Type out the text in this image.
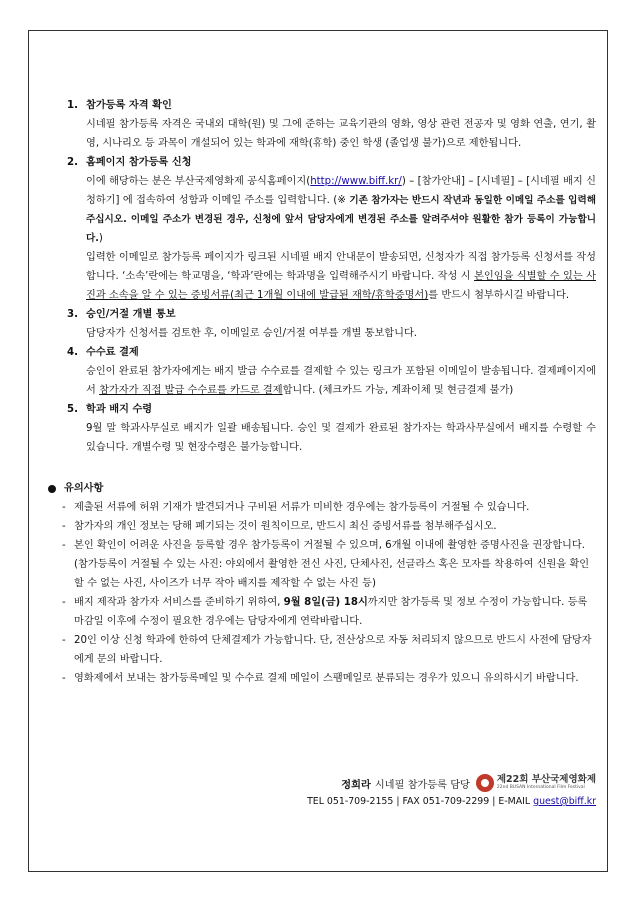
1. 참가등록 자격 확인
시네필 참가등록 자격은 국내외 대학(원) 및 그에 준하는 교육기관의 영화, 영상 관련 전공자 및 영화 연출, 연기, 촬영, 시나리오 등 과목이 개설되어 있는 학과에 재학(휴학) 중인 학생 (졸업생 불가)으로 제한됩니다.
2. 홈페이지 참가등록 신청
이에 해당하는 분은 부산국제영화제 공식홈페이지(http://www.biff.kr/) – [참가안내] – [시네필] – [시네필 배지 신청하기] 에 접속하여 성함과 이메일 주소를 입력합니다. (※ 기존 참가자는 반드시 작년과 동일한 이메일 주소를 입력해주십시오. 이메일 주소가 변경된 경우, 신청에 앞서 담당자에게 변경된 주소를 알려주셔야 원활한 참가 등록이 가능합니다.)
입력한 이메일로 참가등록 페이지가 링크된 시네필 배지 안내문이 발송되면, 신청자가 직접 참가등록 신청서를 작성합니다. ‘소속’란에는 학교명을, ‘학과’란에는 학과명을 입력해주시기 바랍니다. 작성 시 본인임을 식별할 수 있는 사진과 소속을 알 수 있는 증빙서류(최근 1개월 이내에 발급된 재학/휴학증명서)를 반드시 첨부하시길 바랍니다.
3. 승인/거절 개별 통보
담당자가 신청서를 검토한 후, 이메일로 승인/거절 여부를 개별 통보합니다.
4. 수수료 결제
승인이 완료된 참가자에게는 배지 발급 수수료를 결제할 수 있는 링크가 포함된 이메일이 발송됩니다. 결제페이지에서 참가자가 직접 발급 수수료를 카드로 결제합니다. (체크카드 가능, 계좌이체 및 현금결제 불가)
5. 학과 배지 수령
9월 말 학과사무실로 배지가 일괄 배송됩니다. 승인 및 결제가 완료된 참가자는 학과사무실에서 배지를 수령할 수 있습니다. 개별수령 및 현장수령은 불가능합니다.
유의사항
- 제출된 서류에 허위 기재가 발견되거나 구비된 서류가 미비한 경우에는 참가등록이 거절될 수 있습니다.
- 참가자의 개인 정보는 당해 폐기되는 것이 원칙이므로, 반드시 최신 증빙서류를 첨부해주십시오.
- 본인 확인이 어려운 사진을 등록할 경우 참가등록이 거절될 수 있으며, 6개월 이내에 촬영한 증명사진을 권장합니다. (참가등록이 거절될 수 있는 사진: 야외에서 촬영한 전신 사진, 단체사진, 선글라스 혹은 모자를 착용하여 신원을 확인할 수 없는 사진, 사이즈가 너무 작아 배지를 제작할 수 없는 사진 등)
- 배지 제작과 참가자 서비스를 준비하기 위하여, 9월 8일(금) 18시까지만 참가등록 및 정보 수정이 가능합니다. 등록마감일 이후에 수정이 필요한 경우에는 담당자에게 연락바랍니다.
- 20인 이상 신청 학과에 한하여 단체결제가 가능합니다. 단, 전산상으로 자동 처리되지 않으므로 반드시 사전에 담당자에게 문의 바랍니다.
- 영화제에서 보내는 참가등록메일 및 수수료 결제 메일이 스팸메일로 분류되는 경우가 있으니 유의하시기 바랍니다.
정희라 시네필 참가등록 담당	제22회 부산국제영화제
22nd BUSAN International Film Festival
TEL 051-709-2155 | FAX 051-709-2299 | E-MAIL guest@biff.kr
